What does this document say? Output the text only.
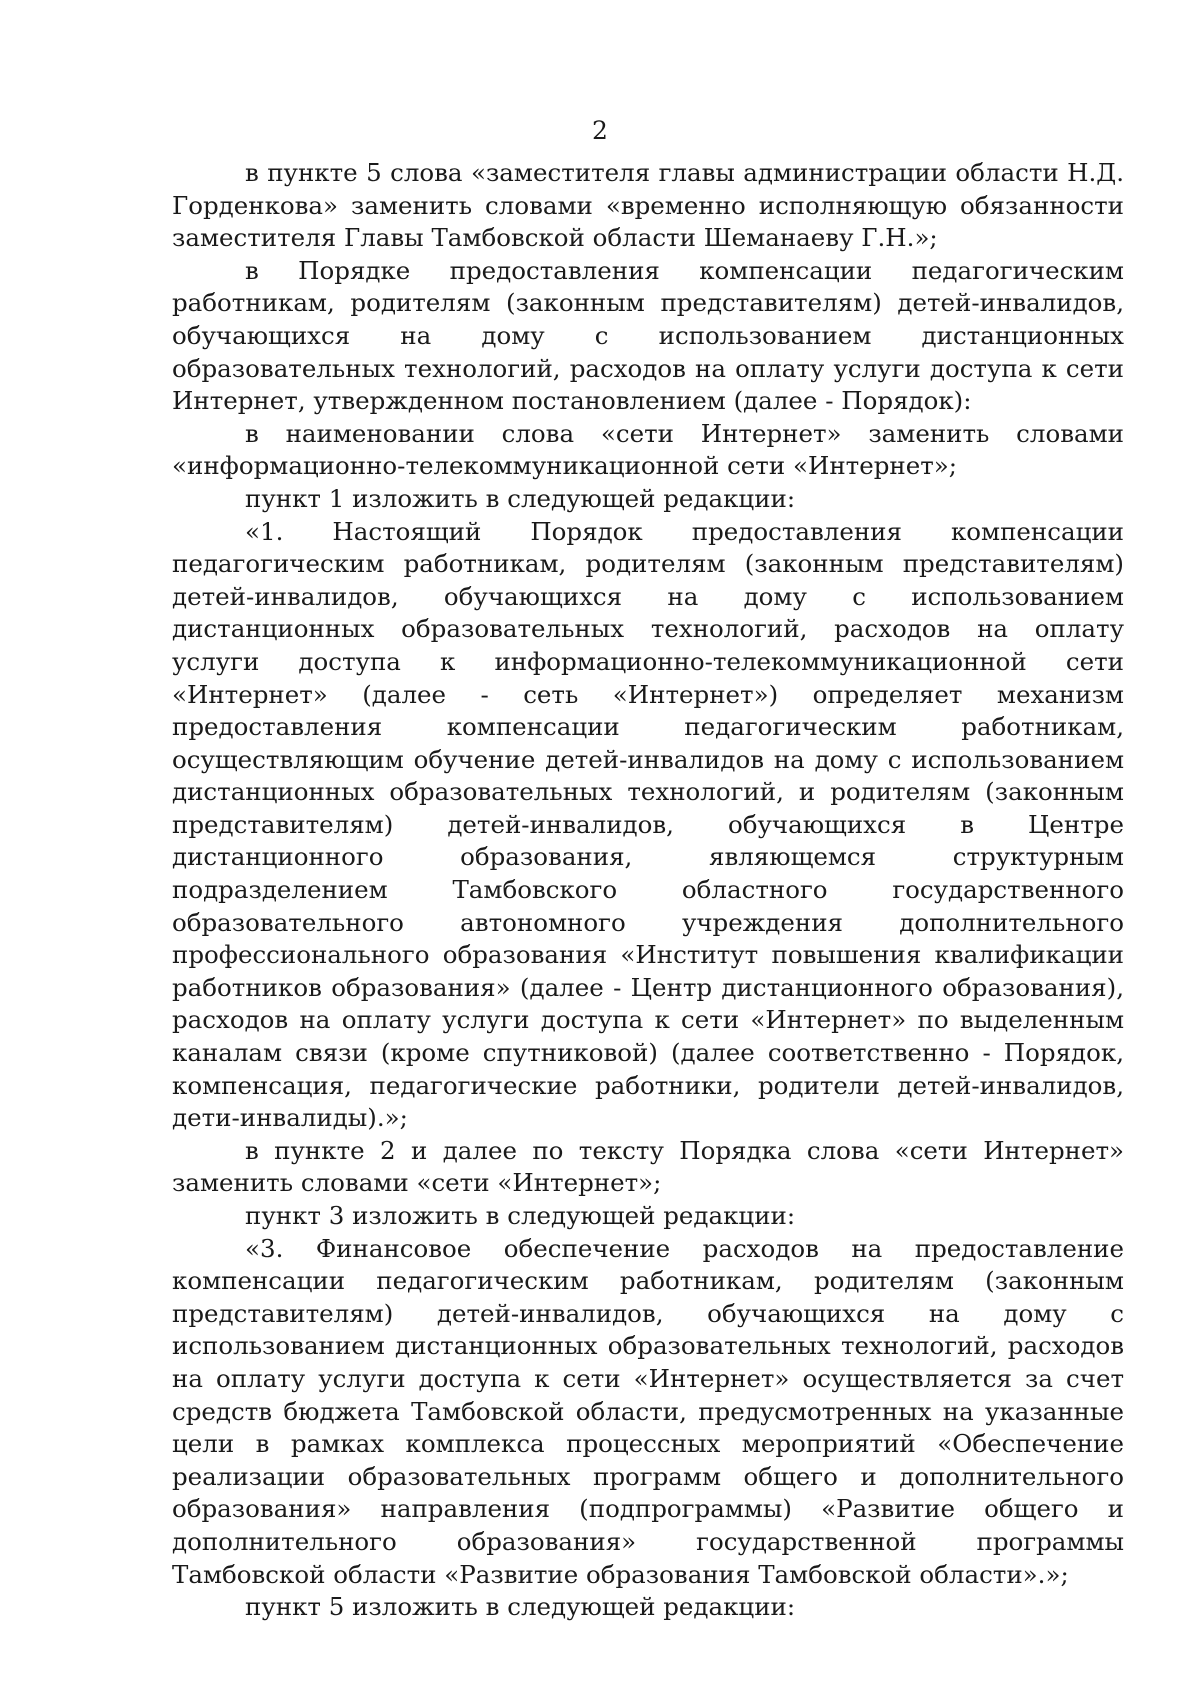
2

в пункте 5 слова «заместителя главы администрации области Н.Д. Горденкова» заменить словами «временно исполняющую обязанности заместителя Главы Тамбовской области Шеманаеву Г.Н.»;

в Порядке предоставления компенсации педагогическим работникам, родителям (законным представителям) детей-инвалидов, обучающихся на дому с использованием дистанционных образовательных технологий, расходов на оплату услуги доступа к сети Интернет, утвержденном постановлением (далее - Порядок):

в наименовании слова «сети Интернет» заменить словами «информационно-телекоммуникационной сети «Интернет»;

пункт 1 изложить в следующей редакции:

«1. Настоящий Порядок предоставления компенсации педагогическим работникам, родителям (законным представителям) детей-инвалидов, обучающихся на дому с использованием дистанционных образовательных технологий, расходов на оплату услуги доступа к информационно-телекоммуникационной сети «Интернет» (далее - сеть «Интернет») определяет механизм предоставления компенсации педагогическим работникам, осуществляющим обучение детей-инвалидов на дому с использованием дистанционных образовательных технологий, и родителям (законным представителям) детей-инвалидов, обучающихся в Центре дистанционного образования, являющемся структурным подразделением Тамбовского областного государственного образовательного автономного учреждения дополнительного профессионального образования «Институт повышения квалификации работников образования» (далее - Центр дистанционного образования), расходов на оплату услуги доступа к сети «Интернет» по выделенным каналам связи (кроме спутниковой) (далее соответственно - Порядок, компенсация, педагогические работники, родители детей-инвалидов, дети-инвалиды).»;

в пункте 2 и далее по тексту Порядка слова «сети Интернет» заменить словами «сети «Интернет»;

пункт 3 изложить в следующей редакции:

«3. Финансовое обеспечение расходов на предоставление компенсации педагогическим работникам, родителям (законным представителям) детей-инвалидов, обучающихся на дому с использованием дистанционных образовательных технологий, расходов на оплату услуги доступа к сети «Интернет» осуществляется за счет средств бюджета Тамбовской области, предусмотренных на указанные цели в рамках комплекса процессных мероприятий «Обеспечение реализации образовательных программ общего и дополнительного образования» направления (подпрограммы) «Развитие общего и дополнительного образования» государственной программы Тамбовской области «Развитие образования Тамбовской области».»;

пункт 5 изложить в следующей редакции:
